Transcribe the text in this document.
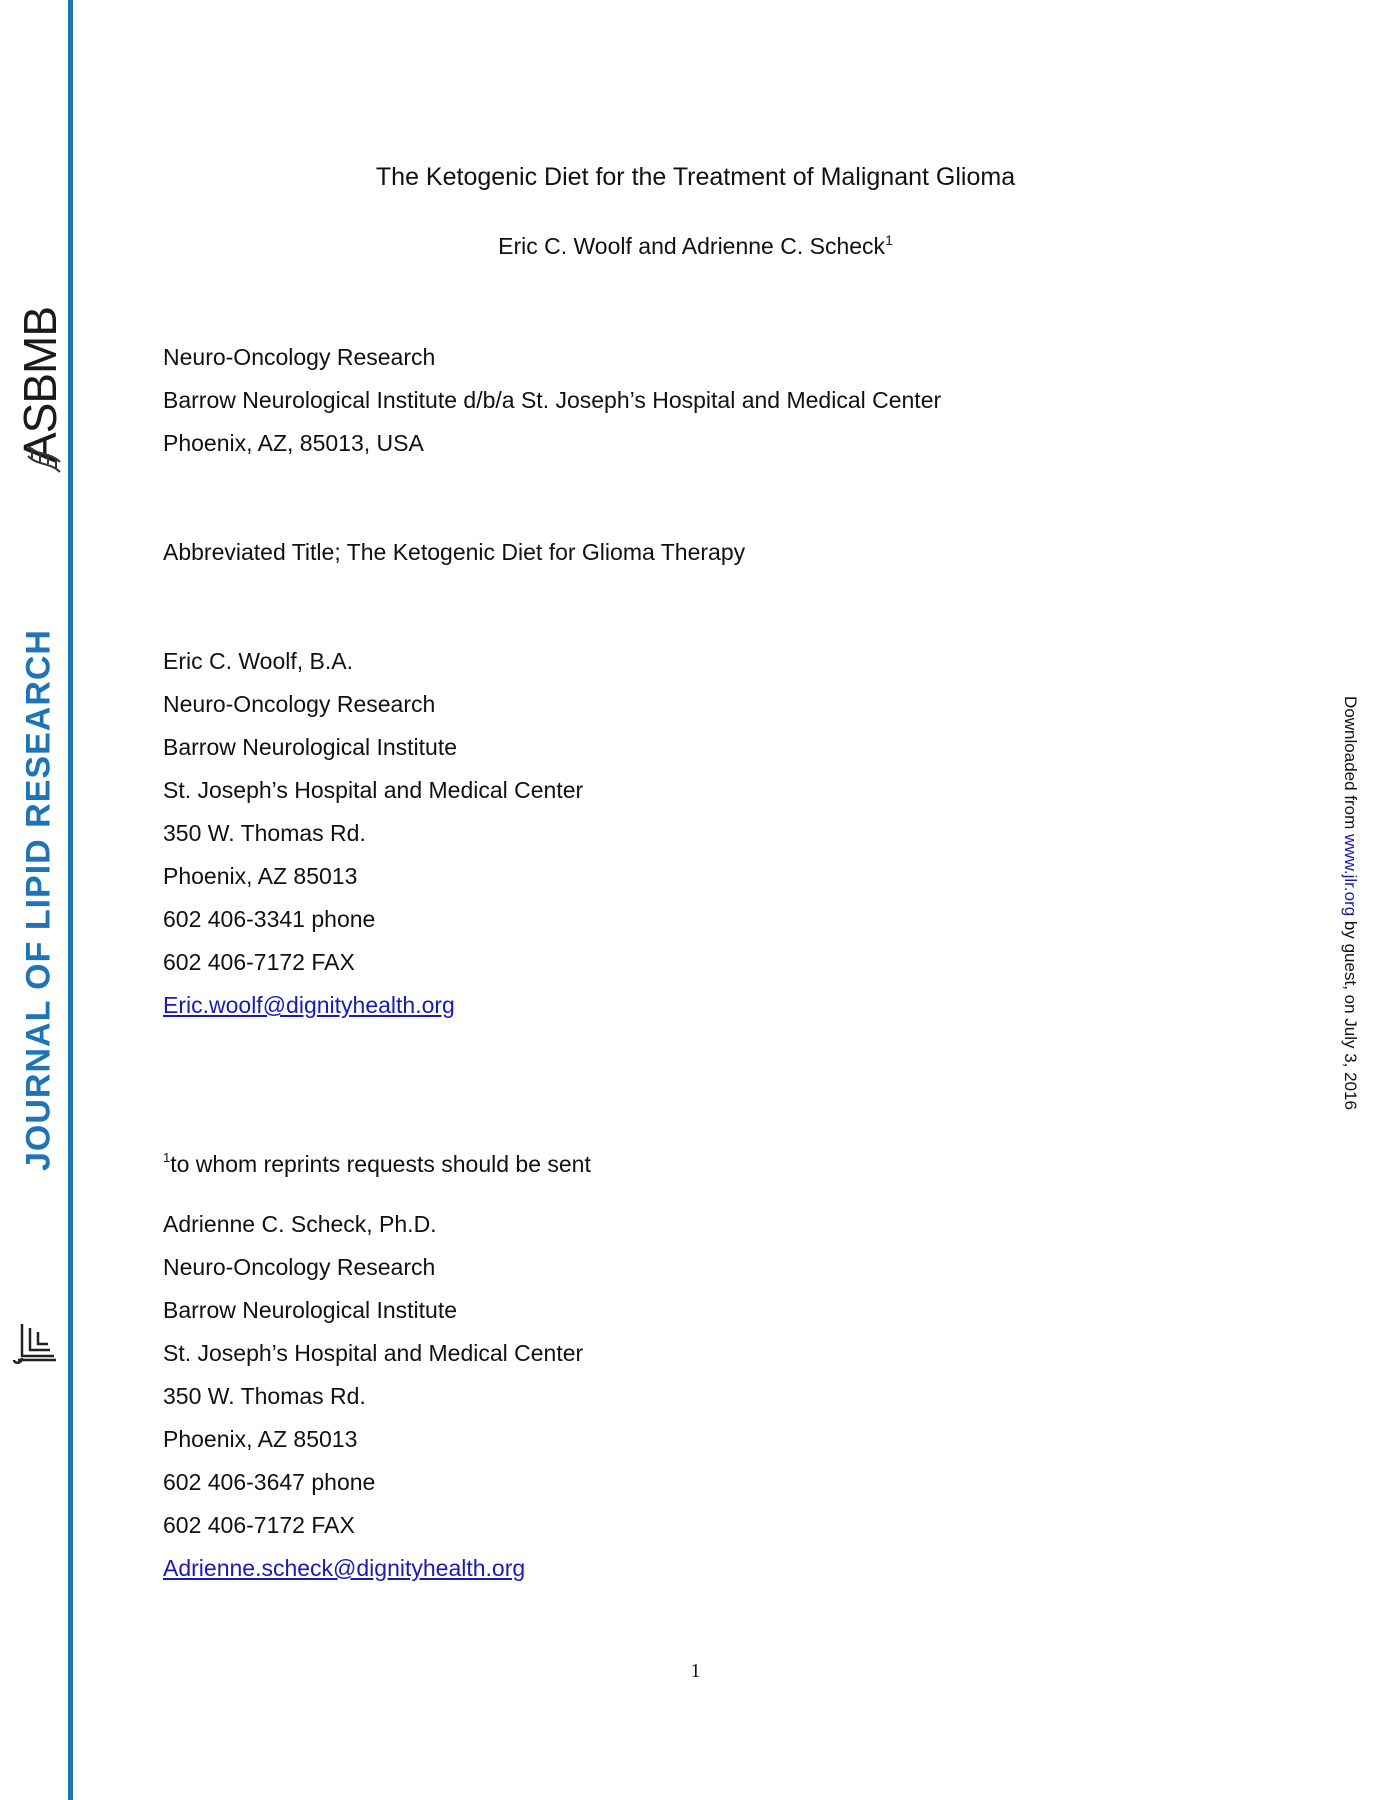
ASBMB
JOURNAL OF LIPID RESEARCH	Downloaded from www.jlr.org by guest, on July 3, 2016
The Ketogenic Diet for the Treatment of Malignant Glioma
Eric C. Woolf and Adrienne C. Scheck$^1$
Neuro-Oncology Research
Barrow Neurological Institute d/b/a St. Joseph’s Hospital and Medical Center
Phoenix, AZ, 85013, USA
Abbreviated Title; The Ketogenic Diet for Glioma Therapy
Eric C. Woolf, B.A.
Neuro-Oncology Research
Barrow Neurological Institute
St. Joseph’s Hospital and Medical Center
350 W. Thomas Rd.
Phoenix, AZ 85013
602 406-3341 phone
602 406-7172 FAX
Eric.woolf@dignityhealth.org
$^1$to whom reprints requests should be sent
Adrienne C. Scheck, Ph.D.
Neuro-Oncology Research
Barrow Neurological Institute
St. Joseph’s Hospital and Medical Center
350 W. Thomas Rd.
Phoenix, AZ 85013
602 406-3647 phone
602 406-7172 FAX
Adrienne.scheck@dignityhealth.org
1
